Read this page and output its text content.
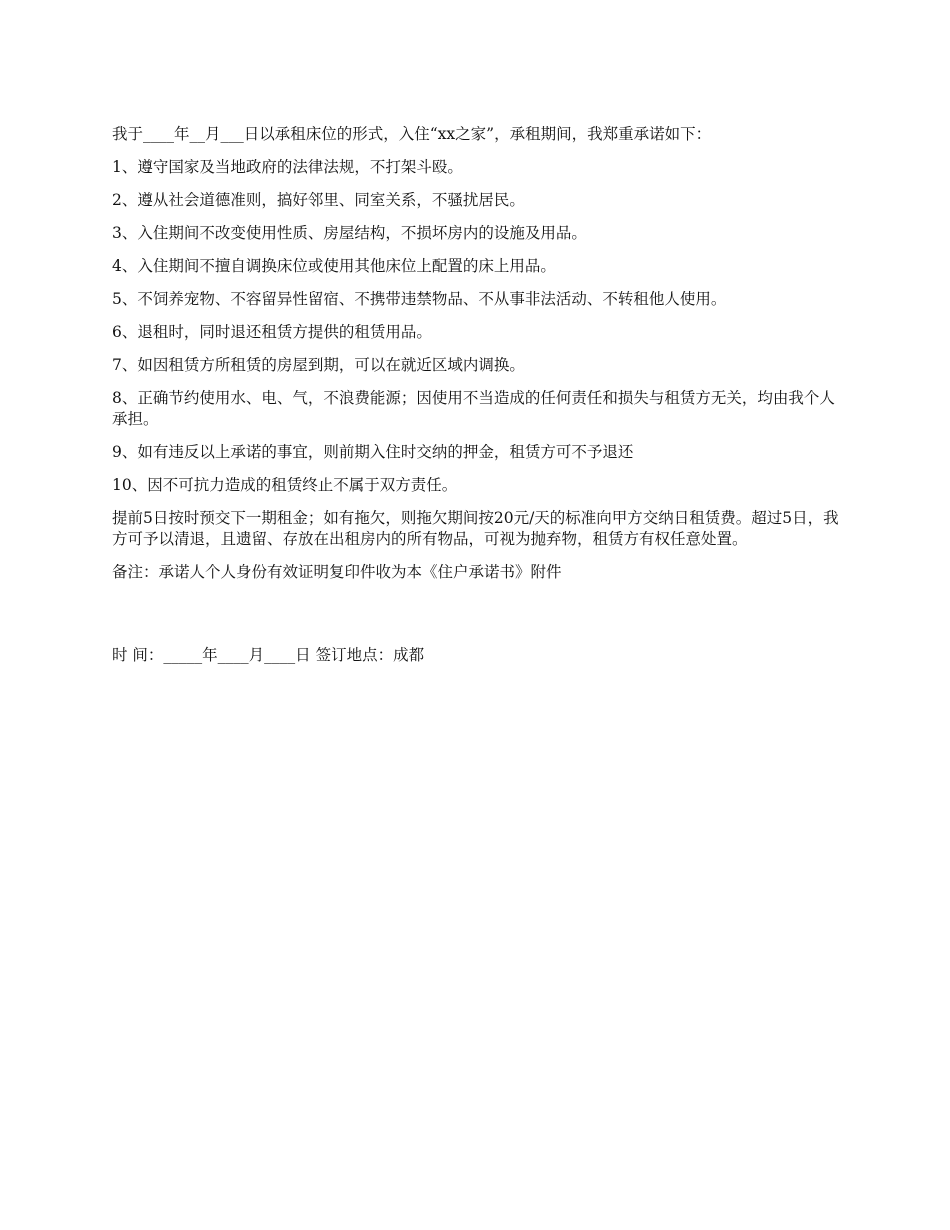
我于____年__月___日以承租床位的形式，入住“xx之家”，承租期间，我郑重承诺如下：

1、遵守国家及当地政府的法律法规，不打架斗殴。

2、遵从社会道德准则，搞好邻里、同室关系，不骚扰居民。

3、入住期间不改变使用性质、房屋结构，不损坏房内的设施及用品。

4、入住期间不擅自调换床位或使用其他床位上配置的床上用品。

5、不饲养宠物、不容留异性留宿、不携带违禁物品、不从事非法活动、不转租他人使用。

6、退租时，同时退还租赁方提供的租赁用品。

7、如因租赁方所租赁的房屋到期，可以在就近区域内调换。

8、正确节约使用水、电、气，不浪费能源；因使用不当造成的任何责任和损失与租赁方无关，均由我个人承担。

9、如有违反以上承诺的事宜，则前期入住时交纳的押金，租赁方可不予退还

10、因不可抗力造成的租赁终止不属于双方责任。

提前5日按时预交下一期租金；如有拖欠，则拖欠期间按20元/天的标准向甲方交纳日租赁费。超过5日，我方可予以清退，且遗留、存放在出租房内的所有物品，可视为抛弃物，租赁方有权任意处置。

备注：承诺人个人身份有效证明复印件收为本《住户承诺书》附件

时 间：_____年____月____日 签订地点：成都
